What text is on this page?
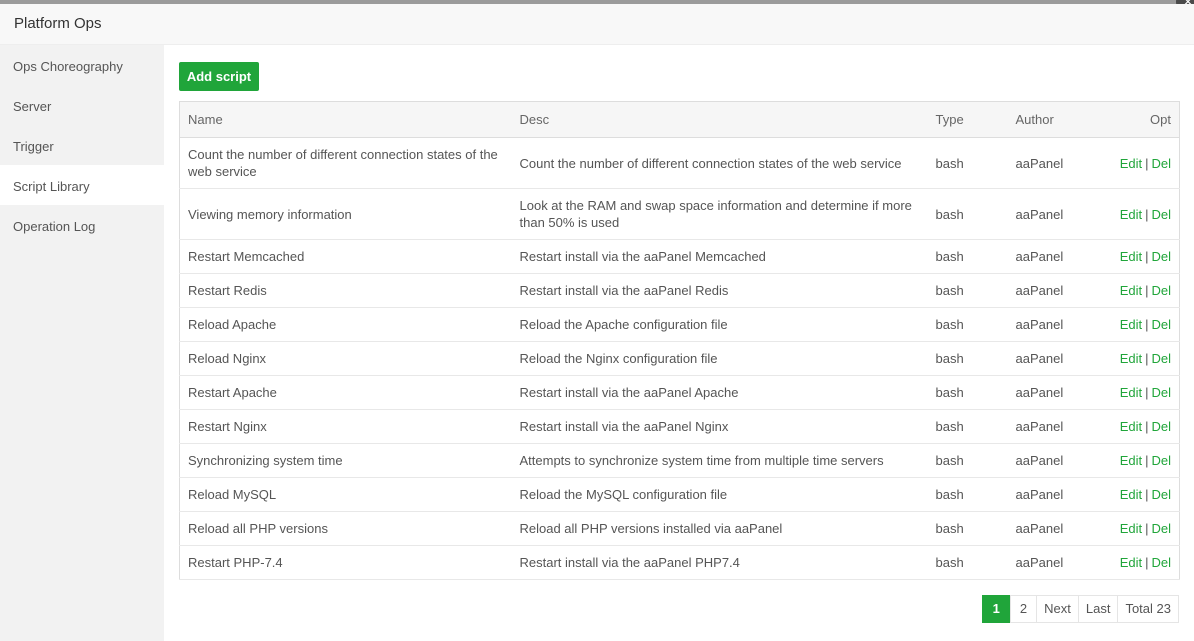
Platform Ops
Ops Choreography
Server
Trigger
Script Library
Operation Log
Add script
Name	Desc	Type	Author	Opt
Count the number of different connection states of the web service	Count the number of different connection states of the web service	bash	aaPanel	Edit | Del
Viewing memory information	Look at the RAM and swap space information and determine if more than 50% is used	bash	aaPanel	Edit | Del
Restart Memcached	Restart install via the aaPanel Memcached	bash	aaPanel	Edit | Del
Restart Redis	Restart install via the aaPanel Redis	bash	aaPanel	Edit | Del
Reload Apache	Reload the Apache configuration file	bash	aaPanel	Edit | Del
Reload Nginx	Reload the Nginx configuration file	bash	aaPanel	Edit | Del
Restart Apache	Restart install via the aaPanel Apache	bash	aaPanel	Edit | Del
Restart Nginx	Restart install via the aaPanel Nginx	bash	aaPanel	Edit | Del
Synchronizing system time	Attempts to synchronize system time from multiple time servers	bash	aaPanel	Edit | Del
Reload MySQL	Reload the MySQL configuration file	bash	aaPanel	Edit | Del
Reload all PHP versions	Reload all PHP versions installed via aaPanel	bash	aaPanel	Edit | Del
Restart PHP-7.4	Restart install via the aaPanel PHP7.4	bash	aaPanel	Edit | Del
1	2	Next	Last	Total 23
